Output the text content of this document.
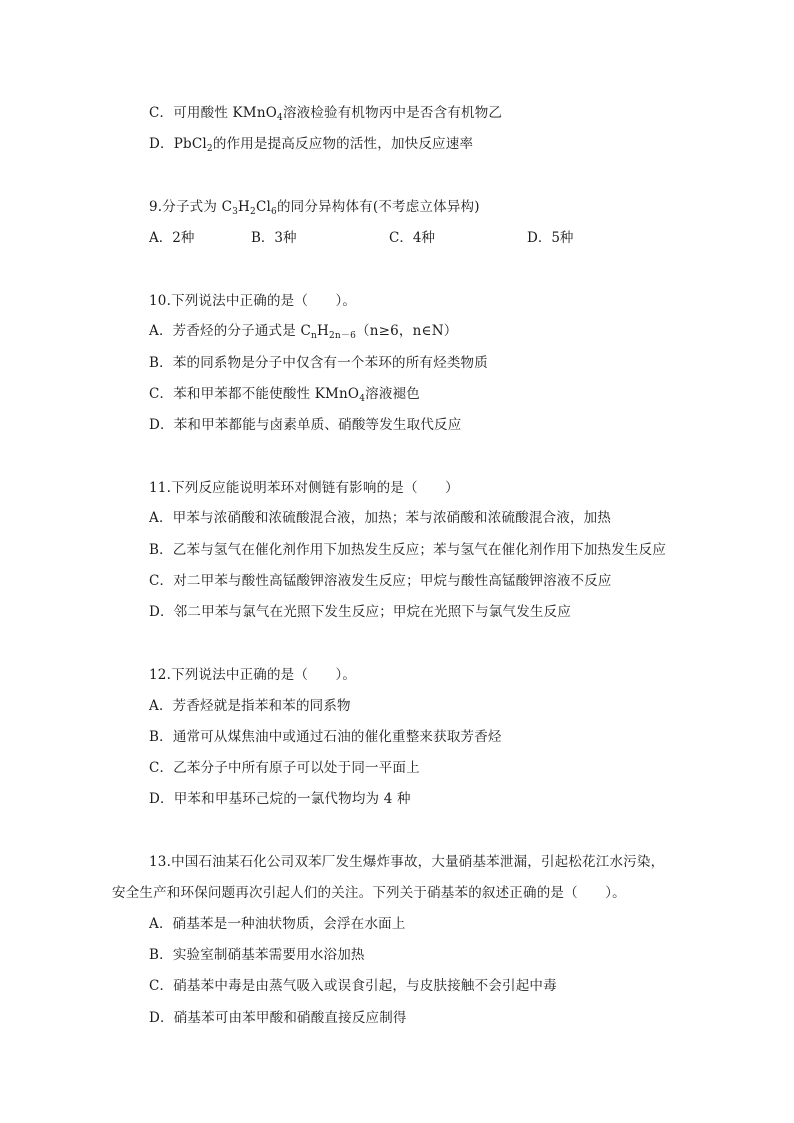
C．可用酸性 KMnO$_4$溶液检验有机物丙中是否含有机物乙
D．PbCl$_2$的作用是提高反应物的活性，加快反应速率
9.分子式为 $C_3H_2Cl_6$的同分异构体有(不考虑立体异构)
A．2种	B．3种	C．4种	D．5种
10.下列说法中正确的是（　　）。
A．芳香烃的分子通式是 $C_nH_{2n-6}(n\ge 6$，n∈N）
B．苯的同系物是分子中仅含有一个苯环的所有烃类物质
C．苯和甲苯都不能使酸性 KMnO$_4$溶液褪色
D．苯和甲苯都能与卤素单质、硝酸等发生取代反应
11.下列反应能说明苯环对侧链有影响的是（　　）
A．甲苯与浓硝酸和浓硫酸混合液，加热；苯与浓硝酸和浓硫酸混合液，加热
B．乙苯与氢气在催化剂作用下加热发生反应；苯与氢气在催化剂作用下加热发生反应
C．对二甲苯与酸性高锰酸钾溶液发生反应；甲烷与酸性高锰酸钾溶液不反应
D．邻二甲苯与氯气在光照下发生反应；甲烷在光照下与氯气发生反应
12.下列说法中正确的是（　　）。
A．芳香烃就是指苯和苯的同系物
B．通常可从煤焦油中或通过石油的催化重整来获取芳香烃
C．乙苯分子中所有原子可以处于同一平面上
D．甲苯和甲基环己烷的一氯代物均为 4 种
13.中国石油某石化公司双苯厂发生爆炸事故，大量硝基苯泄漏，引起松花江水污染，
安全生产和环保问题再次引起人们的关注。下列关于硝基苯的叙述正确的是（　　）。
A．硝基苯是一种油状物质，会浮在水面上
B．实验室制硝基苯需要用水浴加热
C．硝基苯中毒是由蒸气吸入或误食引起，与皮肤接触不会引起中毒
D．硝基苯可由苯甲酸和硝酸直接反应制得
